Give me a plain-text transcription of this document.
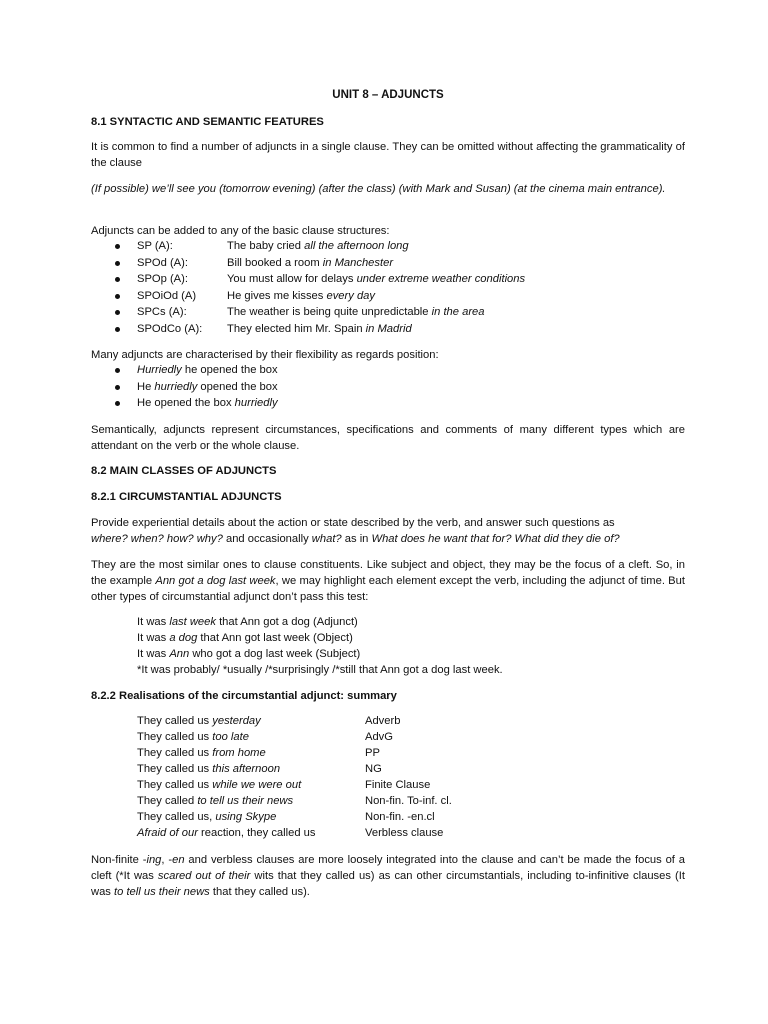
UNIT 8 – ADJUNCTS
8.1 SYNTACTIC AND SEMANTIC FEATURES
It is common to find a number of adjuncts in a single clause. They can be omitted without affecting the grammaticality of the clause
(If possible) we’ll see you (tomorrow evening) (after the class) (with Mark and Susan) (at the cinema main entrance).
Adjuncts can be added to any of the basic clause structures:
SP (A):	The baby cried all the afternoon long
SPOd (A):	Bill booked a room in Manchester
SPOp (A):	You must allow for delays under extreme weather conditions
SPOiOd (A)	He gives me kisses every day
SPCs (A):	The weather is being quite unpredictable in the area
SPOdCo (A): They elected him Mr. Spain in Madrid
Many adjuncts are characterised by their flexibility as regards position:
Hurriedly he opened the box
He hurriedly opened the box
He opened the box hurriedly
Semantically, adjuncts represent circumstances, specifications and comments of many different types which are attendant on the verb or the whole clause.
8.2 MAIN CLASSES OF ADJUNCTS
8.2.1 CIRCUMSTANTIAL ADJUNCTS
Provide experiential details about the action or state described by the verb, and answer such questions as
where? when? how? why? and occasionally what? as in What does he want that for? What did they die of?
They are the most similar ones to clause constituents. Like subject and object, they may be the focus of a cleft. So, in the example Ann got a dog last week, we may highlight each element except the verb, including the adjunct of time. But other types of circumstantial adjunct don’t pass this test:
It was last week that Ann got a dog (Adjunct)
It was a dog that Ann got last week (Object)
It was Ann who got a dog last week (Subject)
*It was probably/ *usually /*surprisingly /*still that Ann got a dog last week.
8.2.2 Realisations of the circumstantial adjunct: summary
They called us yesterday	Adverb
They called us too late	AdvG
They called us from home	PP
They called us this afternoon	NG
They called us while we were out	Finite Clause
They called to tell us their news	Non-fin. To-inf. cl.
They called us, using Skype	Non-fin. -en.cl
Afraid of our reaction, they called us	Verbless clause
Non-finite -ing, -en and verbless clauses are more loosely integrated into the clause and can’t be made the focus of a cleft (*It was scared out of their wits that they called us) as can other circumstantials, including to-infinitive clauses (It was to tell us their news that they called us).
